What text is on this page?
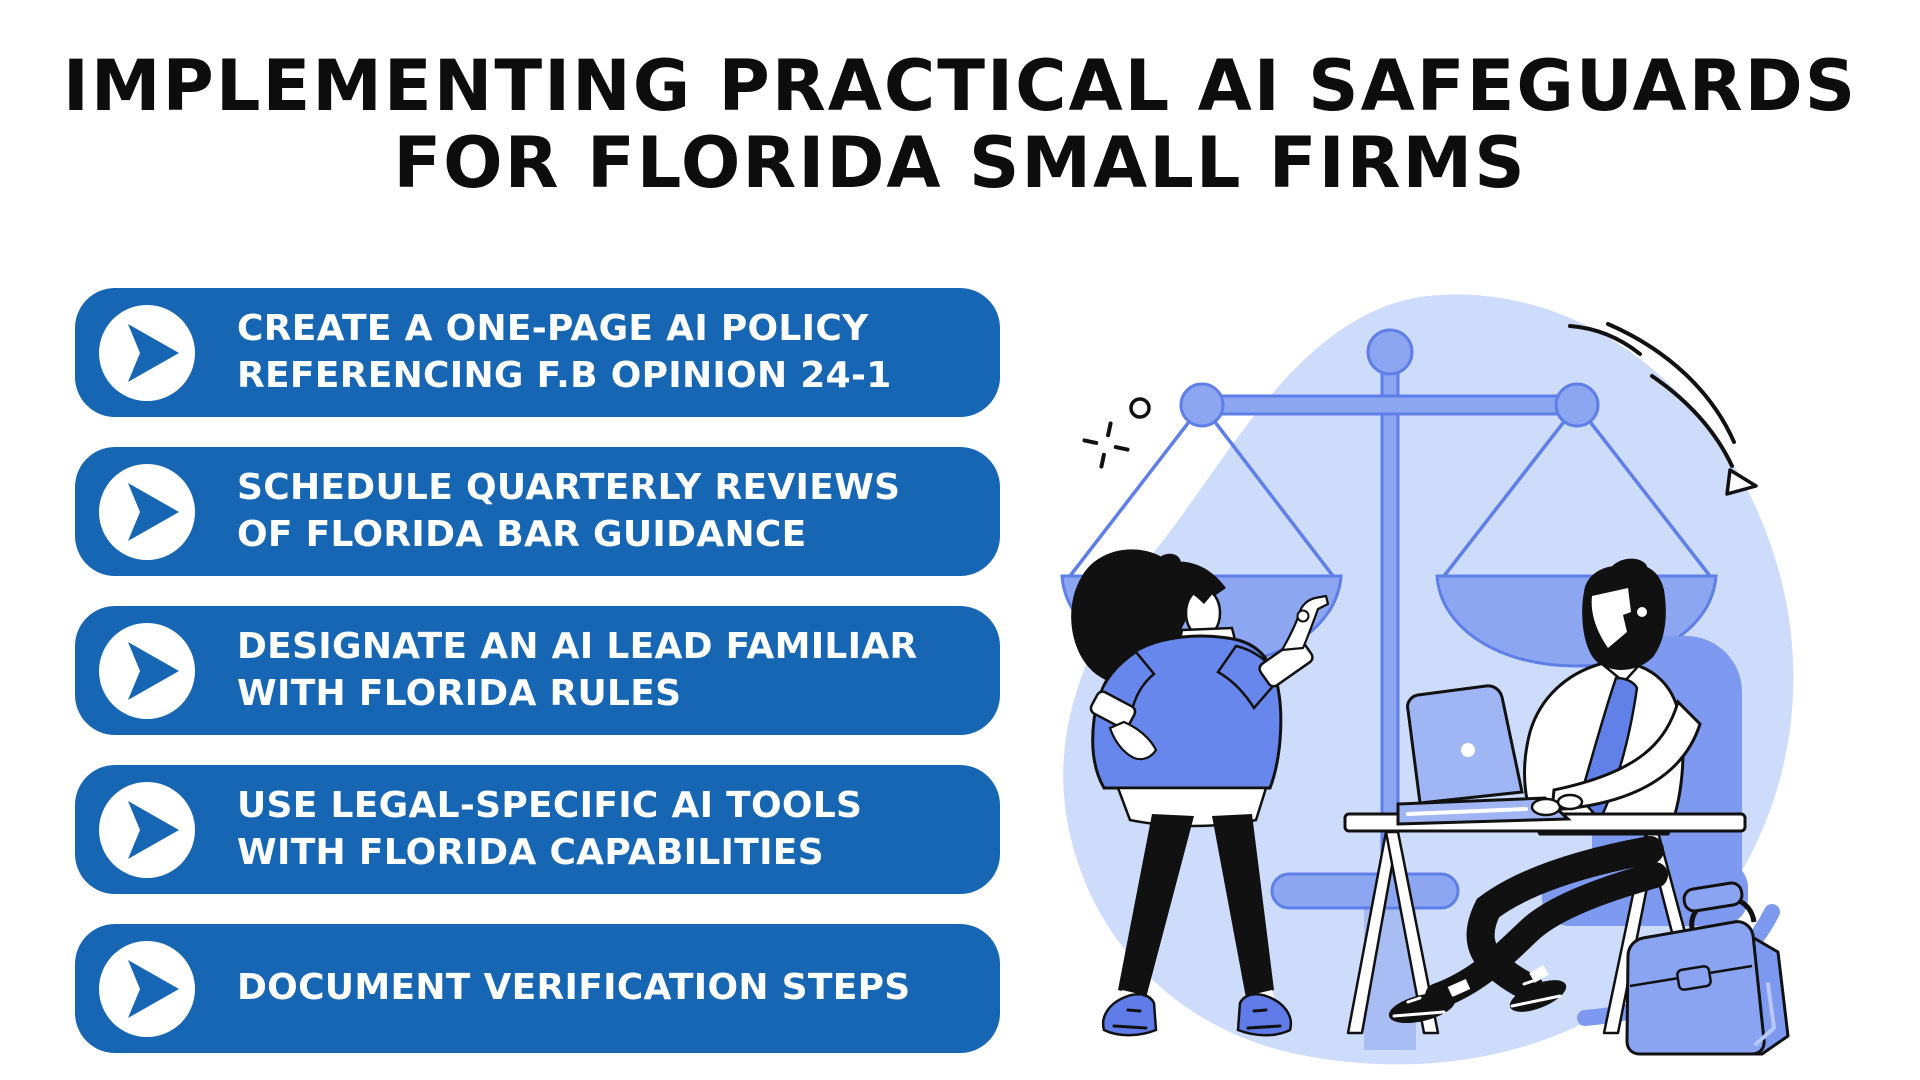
IMPLEMENTING PRACTICAL AI SAFEGUARDS
FOR FLORIDA SMALL FIRMS

CREATE A ONE-PAGE AI POLICY
REFERENCING F.B OPINION 24-1

SCHEDULE QUARTERLY REVIEWS
OF FLORIDA BAR GUIDANCE

DESIGNATE AN AI LEAD FAMILIAR
WITH FLORIDA RULES

USE LEGAL-SPECIFIC AI TOOLS
WITH FLORIDA CAPABILITIES

DOCUMENT VERIFICATION STEPS
